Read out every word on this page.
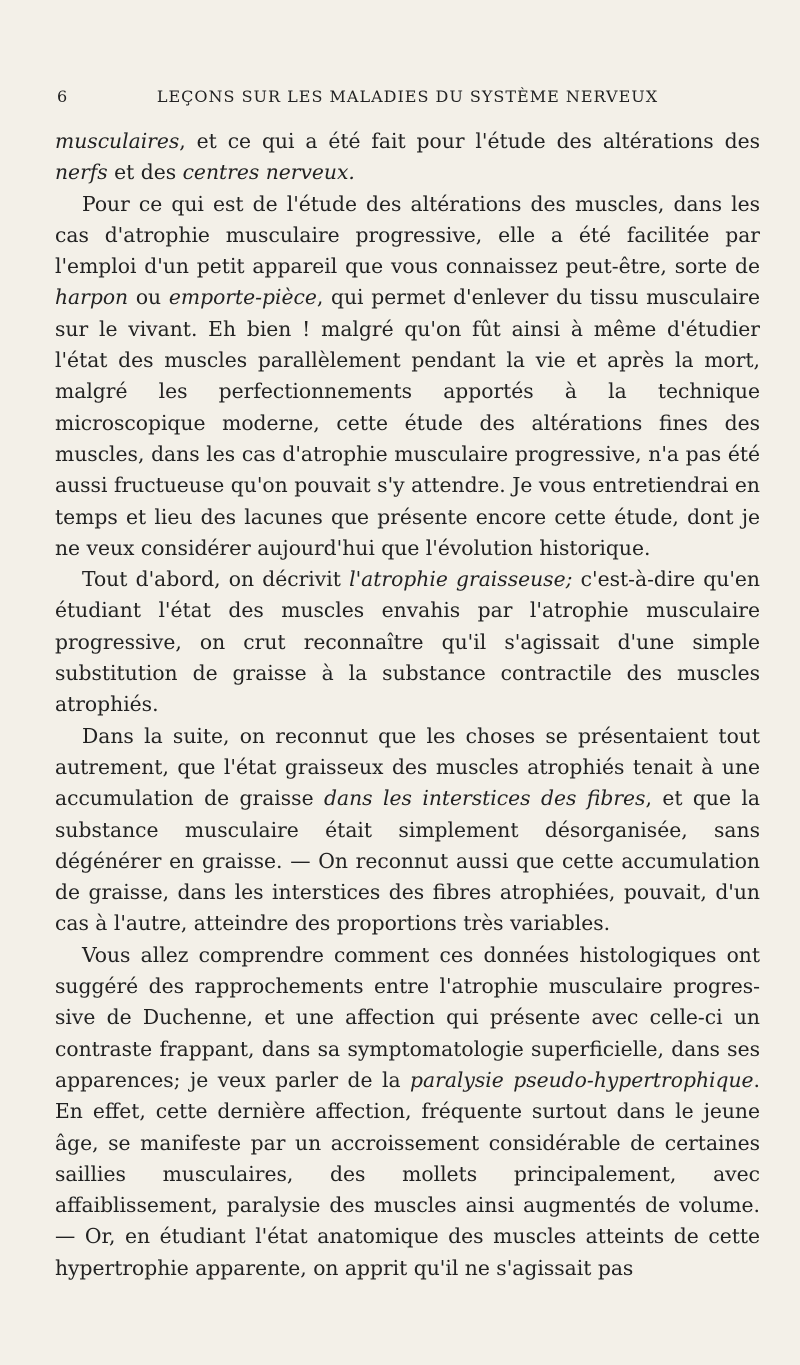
6	LEÇONS SUR LES MALADIES DU SYSTÈME NERVEUX

musculaires, et ce qui a été fait pour l'étude des altérations des nerfs et des centres nerveux.

Pour ce qui est de l'étude des altérations des muscles, dans les cas d'atrophie musculaire progressive, elle a été facilitée par l'emploi d'un petit appareil que vous connaissez peut-être, sorte de harpon ou emporte-pièce, qui permet d'enlever du tissu musculaire sur le vivant. Eh bien ! malgré qu'on fût ainsi à même d'étudier l'état des muscles parallèlement pendant la vie et après la mort, malgré les perfectionnements apportés à la technique microscopique moderne, cette étude des altérations fines des muscles, dans les cas d'atrophie musculaire progressive, n'a pas été aussi fructueuse qu'on pouvait s'y attendre. Je vous entretiendrai en temps et lieu des lacunes que présente encore cette étude, dont je ne veux considérer aujourd'hui que l'évolution historique.

Tout d'abord, on décrivit l'atrophie graisseuse; c'est-à-dire qu'en étudiant l'état des muscles envahis par l'atrophie musculaire progressive, on crut reconnaître qu'il s'agissait d'une simple substitution de graisse à la substance contractile des muscles atrophiés.

Dans la suite, on reconnut que les choses se présentaient tout autrement, que l'état graisseux des muscles atrophiés tenait à une accumulation de graisse dans les interstices des fibres, et que la substance musculaire était simplement désorganisée, sans dégénérer en graisse. — On reconnut aussi que cette accumulation de graisse, dans les interstices des fibres atrophiées, pouvait, d'un cas à l'autre, atteindre des proportions très variables.

Vous allez comprendre comment ces données histologiques ont suggéré des rapprochements entre l'atrophie musculaire progressive de Duchenne, et une affection qui présente avec celle-ci un contraste frappant, dans sa symptomatologie superficielle, dans ses apparences; je veux parler de la paralysie pseudo-hypertrophique. En effet, cette dernière affection, fréquente surtout dans le jeune âge, se manifeste par un accroissement considérable de certaines saillies musculaires, des mollets principalement, avec affaiblissement, paralysie des muscles ainsi augmentés de volume. — Or, en étudiant l'état anatomique des muscles atteints de cette hypertrophie apparente, on apprit qu'il ne s'agissait pas
